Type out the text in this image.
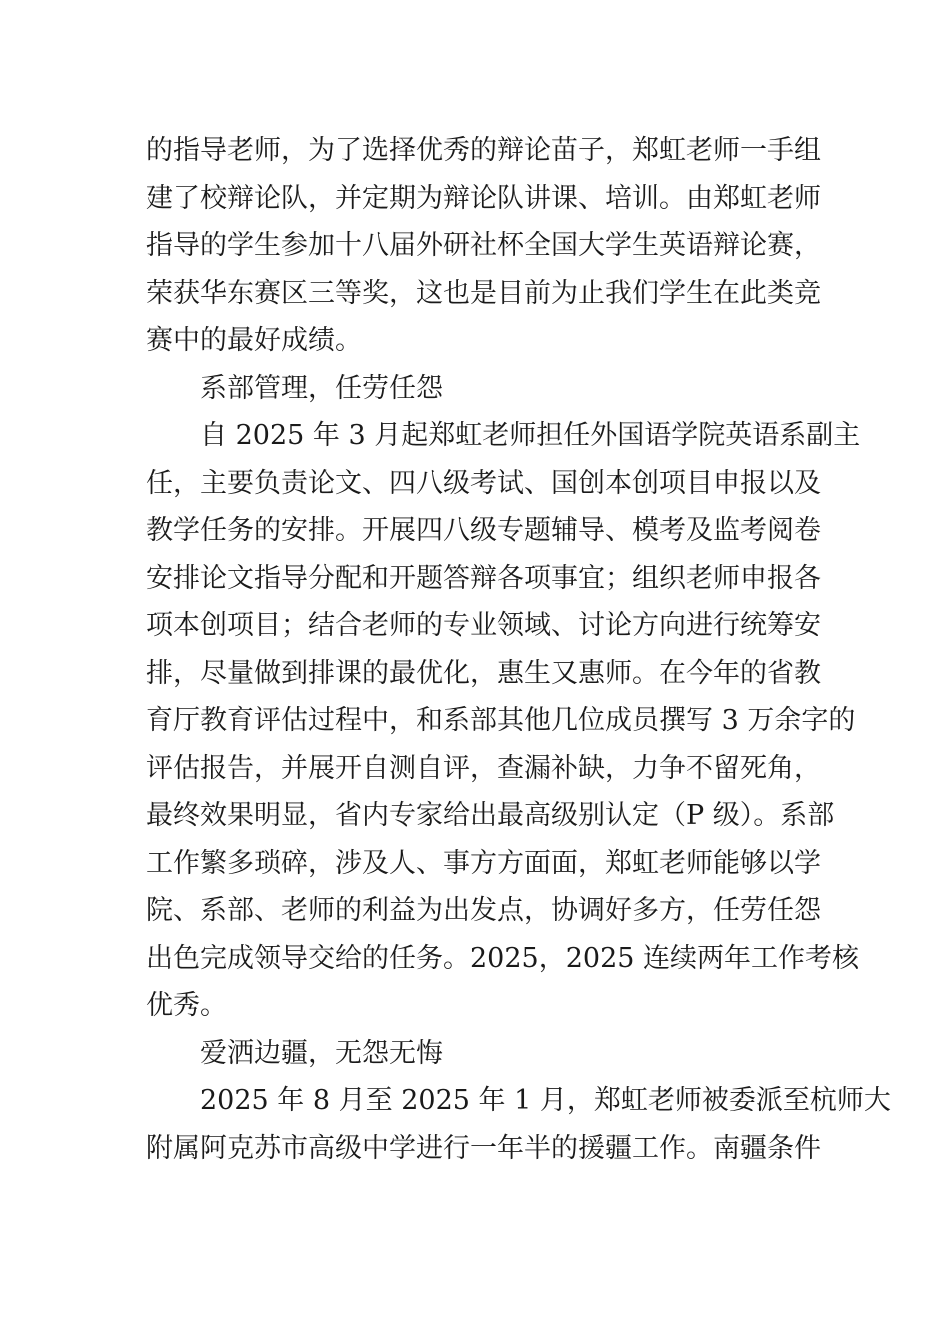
的指导老师，为了选择优秀的辩论苗子，郑虹老师一手组
建了校辩论队，并定期为辩论队讲课、培训。由郑虹老师
指导的学生参加十八届外研社杯全国大学生英语辩论赛，
荣获华东赛区三等奖，这也是目前为止我们学生在此类竞
赛中的最好成绩。
系部管理，任劳任怨
自 2025 年 3 月起郑虹老师担任外国语学院英语系副主
任，主要负责论文、四八级考试、国创本创项目申报以及
教学任务的安排。开展四八级专题辅导、模考及监考阅卷
安排论文指导分配和开题答辩各项事宜；组织老师申报各
项本创项目；结合老师的专业领域、讨论方向进行统筹安
排，尽量做到排课的最优化，惠生又惠师。在今年的省教
育厅教育评估过程中，和系部其他几位成员撰写 3 万余字的
评估报告，并展开自测自评，查漏补缺，力争不留死角，
最终效果明显，省内专家给出最高级别认定（P 级）。系部
工作繁多琐碎，涉及人、事方方面面，郑虹老师能够以学
院、系部、老师的利益为出发点，协调好多方，任劳任怨
出色完成领导交给的任务。2025，2025 连续两年工作考核
优秀。
爱洒边疆，无怨无悔
2025 年 8 月至 2025 年 1 月，郑虹老师被委派至杭师大
附属阿克苏市高级中学进行一年半的援疆工作。南疆条件
